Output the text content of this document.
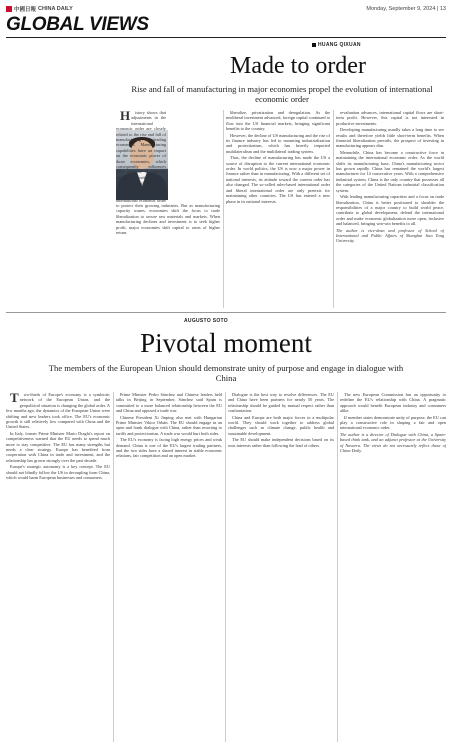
中國日報 CHINA DAILY	Monday, September 9, 2024 | 13
GLOBAL VIEWS
HUANG QIXUAN
Made to order
Rise and fall of manufacturing in major economies propel the evolution of international economic order

History shows that adjustments in the international economic order are closely related to the rise and fall of manufacturing in leading economies. Manufacturing capabilities have an impact on the economic power of those economies, which consequently influences their interests in different international order.

When manufacturing is on the rise, major economies tend to propose an international economic order to protect their growing industries. But as manufacturing capacity wanes, economies shift the focus to trade liberalization to secure raw materials and markets. When manufacturing declines and investment is to seek higher profit, major economies shift capital to areas of higher return.

liberalize, privatization and deregulation. As the neoliberal investment advanced, foreign capital continued to flow into the US financial markets, bringing significant benefits to the country.

However, the decline of US manufacturing and the rise of its finance industry has led to mounting industrialization and protectionism, which has heavily impacted multilateralism and the multilateral trading system.

Thus, the decline of manufacturing has made the US a source of disruption to the current international economic order. In world politics, the US is now a major power in finance rather than in manufacturing. With a different set of national interests, its attitude toward the current order has also changed. The so-called rules-based international order and liberal international order are only pretexts for maintaining other countries. The US has entered a new phase in its national interests.

revaluation advances, international capital flows are short-term profit. However, this capital is not interested in productive investments.

Developing manufacturing usually takes a long time to see results and therefore yields little short-term benefits. When financial liberalization prevails, the prospect of investing in manufacturing appears dim.

Meanwhile, China has become a constructive force in maintaining the international economic order. As the world shifts its manufacturing base, China's manufacturing sector has grown rapidly. China has remained the world's largest manufacturer for 14 consecutive years. With a comprehensive industrial system, China is the only country that possesses all the categories of the United Nations industrial classification system.

With leading manufacturing capacities and a focus on trade liberalization, China is better positioned to shoulder the responsibilities of a major country to build world peace, contribute to global development, defend the international order and make economic globalization more open, inclusive and balanced, bringing win-win benefits to all.

The author is vice-dean and professor of School of International and Public Affairs of Shanghai Jiao Tong University.

AUGUSTO SOTO
Pivotal moment
The members of the European Union should demonstrate unity of purpose and engage in dialogue with China

Two-thirds of Europe's economy is a symbiotic network of the European Union, and the geopolitical situation is changing the global order. A few months ago, the dynamics of the European Union were shifting and new leaders took office. The EU's economic growth is still relatively low compared with China and the United States.

In Italy, former Prime Minister Mario Draghi's report on competitiveness warned that the EU needs to spend much more to stay competitive. The EU has many strengths but needs a clear strategy. Europe has benefited from cooperation with China in trade and investment, and the relationship has grown strongly over the past decade.

Europe's strategic autonomy is a key concept. The EU should not blindly follow the US in decoupling from China, which would harm European businesses and consumers.

Prime Minister Pedro Sánchez and Chinese leaders held talks in Beijing in September. Sánchez said Spain is committed to a more balanced relationship between the EU and China and opposed a trade war.

Chinese President Xi Jinping also met with Hungarian Prime Minister Viktor Orbán. The EU should engage in an open and frank dialogue with China, rather than resorting to tariffs and protectionism. A trade war would hurt both sides.

The EU's economy is facing high energy prices and weak demand. China is one of the EU's largest trading partners, and the two sides have a shared interest in stable economic relations, fair competition and an open market.

Dialogue is the best way to resolve differences. The EU and China have been partners for nearly 50 years. The relationship should be guided by mutual respect rather than confrontation.

China and Europe are both major forces in a multipolar world. They should work together to address global challenges such as climate change, public health and sustainable development.

The EU should make independent decisions based on its own interests rather than following the lead of others.

The new European Commission has an opportunity to redefine the EU's relationship with China. A pragmatic approach would benefit European industry and consumers alike.

If member states demonstrate unity of purpose, the EU can play a constructive role in shaping a fair and open international economic order.

The author is a director of Dialogue with China, a Spain-based think tank, and an adjunct professor at the University of Navarra. The views do not necessarily reflect those of China Daily.
